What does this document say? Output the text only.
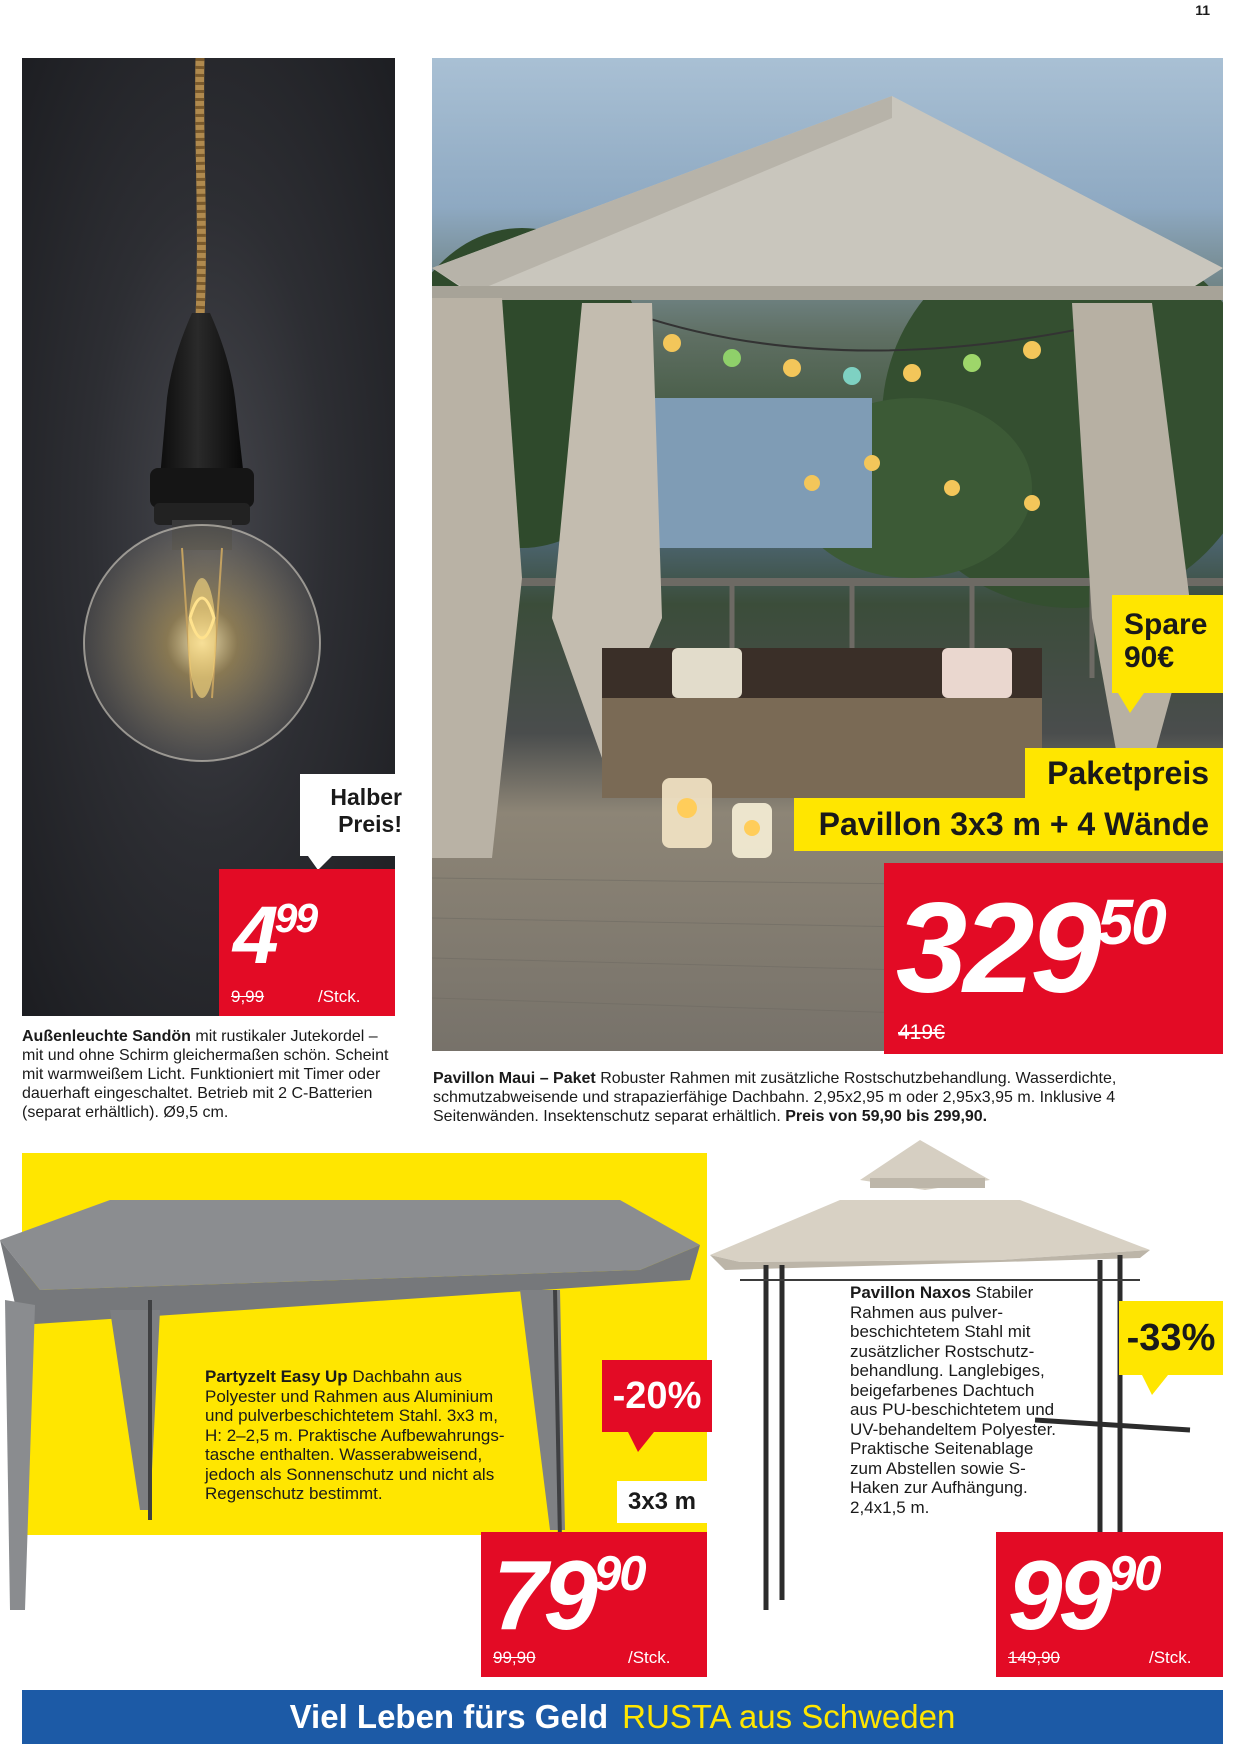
11
Halber Preis!
$4^{99}$
9,99	/Stck.
Außenleuchte Sandön mit rustikaler Jutekordel – mit und ohne Schirm gleichermaßen schön. Scheint mit warmweißem Licht. Funktioniert mit Timer oder dauerhaft eingeschaltet. Betrieb mit 2 C-Batterien (separat erhältlich). Ø9,5 cm.
Spare 90€
Paketpreis
Pavillon 3x3 m + 4 Wände
$329^{50}$
419€
Pavillon Maui – Paket Robuster Rahmen mit zusätzliche Rostschutzbehandlung. Wasserdichte, schmutzabweisende und strapazierfähige Dachbahn. 2,95x2,95 m oder 2,95x3,95 m. Inklusive 4 Seitenwänden. Insektenschutz separat erhältlich. Preis von 59,90 bis 299,90.
Partyzelt Easy Up Dachbahn aus Polyester und Rahmen aus Aluminium und pulverbeschichtetem Stahl. 3x3 m, H: 2–2,5 m. Praktische Aufbewahrungs-tasche enthalten. Wasserabweisend, jedoch als Sonnenschutz und nicht als Regenschutz bestimmt.
-20%
3x3 m
$79^{90}$
99,90	/Stck.
Pavillon Naxos Stabiler Rahmen aus pulver-beschichtetem Stahl mit zusätzlicher Rostschutz-behandlung. Langlebiges, beigefarbenes Dachtuch aus PU-beschichtetem und UV-behandeltem Polyester. Praktische Seitenablage zum Abstellen sowie S-Haken zur Aufhängung. 2,4x1,5 m.
-33%
$99^{90}$
149,90	/Stck.
Viel Leben fürs Geld RUSTA aus Schweden
